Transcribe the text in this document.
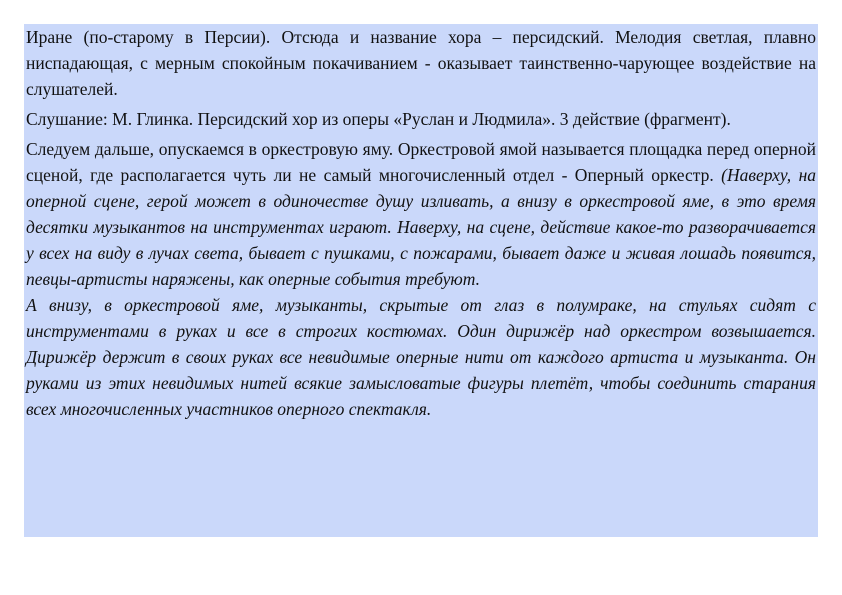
Иране (по-старому в Персии). Отсюда и название хора – персидский. Мелодия светлая, плавно ниспадающая, с мерным спокойным покачиванием - оказывает таинственно-чарующее воздействие на слушателей.

Слушание: М. Глинка. Персидский хор из оперы «Руслан и Людмила». 3 действие (фрагмент).

Следуем дальше, опускаемся в оркестровую яму. Оркестровой ямой называется площадка перед оперной сценой, где располагается чуть ли не самый многочисленный отдел - Оперный оркестр. (Наверху, на оперной сцене, герой может в одиночестве душу изливать, а внизу в оркестровой яме, в это время десятки музыкантов на инструментах играют. Наверху, на сцене, действие какое-то разворачивается у всех на виду в лучах света, бывает с пушками, с пожарами, бывает даже и живая лошадь появится, певцы-артисты наряжены, как оперные события требуют.

А внизу, в оркестровой яме, музыканты, скрытые от глаз в полумраке, на стульях сидят с инструментами в руках и все в строгих костюмах. Один дирижёр над оркестром возвышается. Дирижёр держит в своих руках все невидимые оперные нити от каждого артиста и музыканта. Он руками из этих невидимых нитей всякие замысловатые фигуры плетёт, чтобы соединить старания всех многочисленных участников оперного спектакля.
